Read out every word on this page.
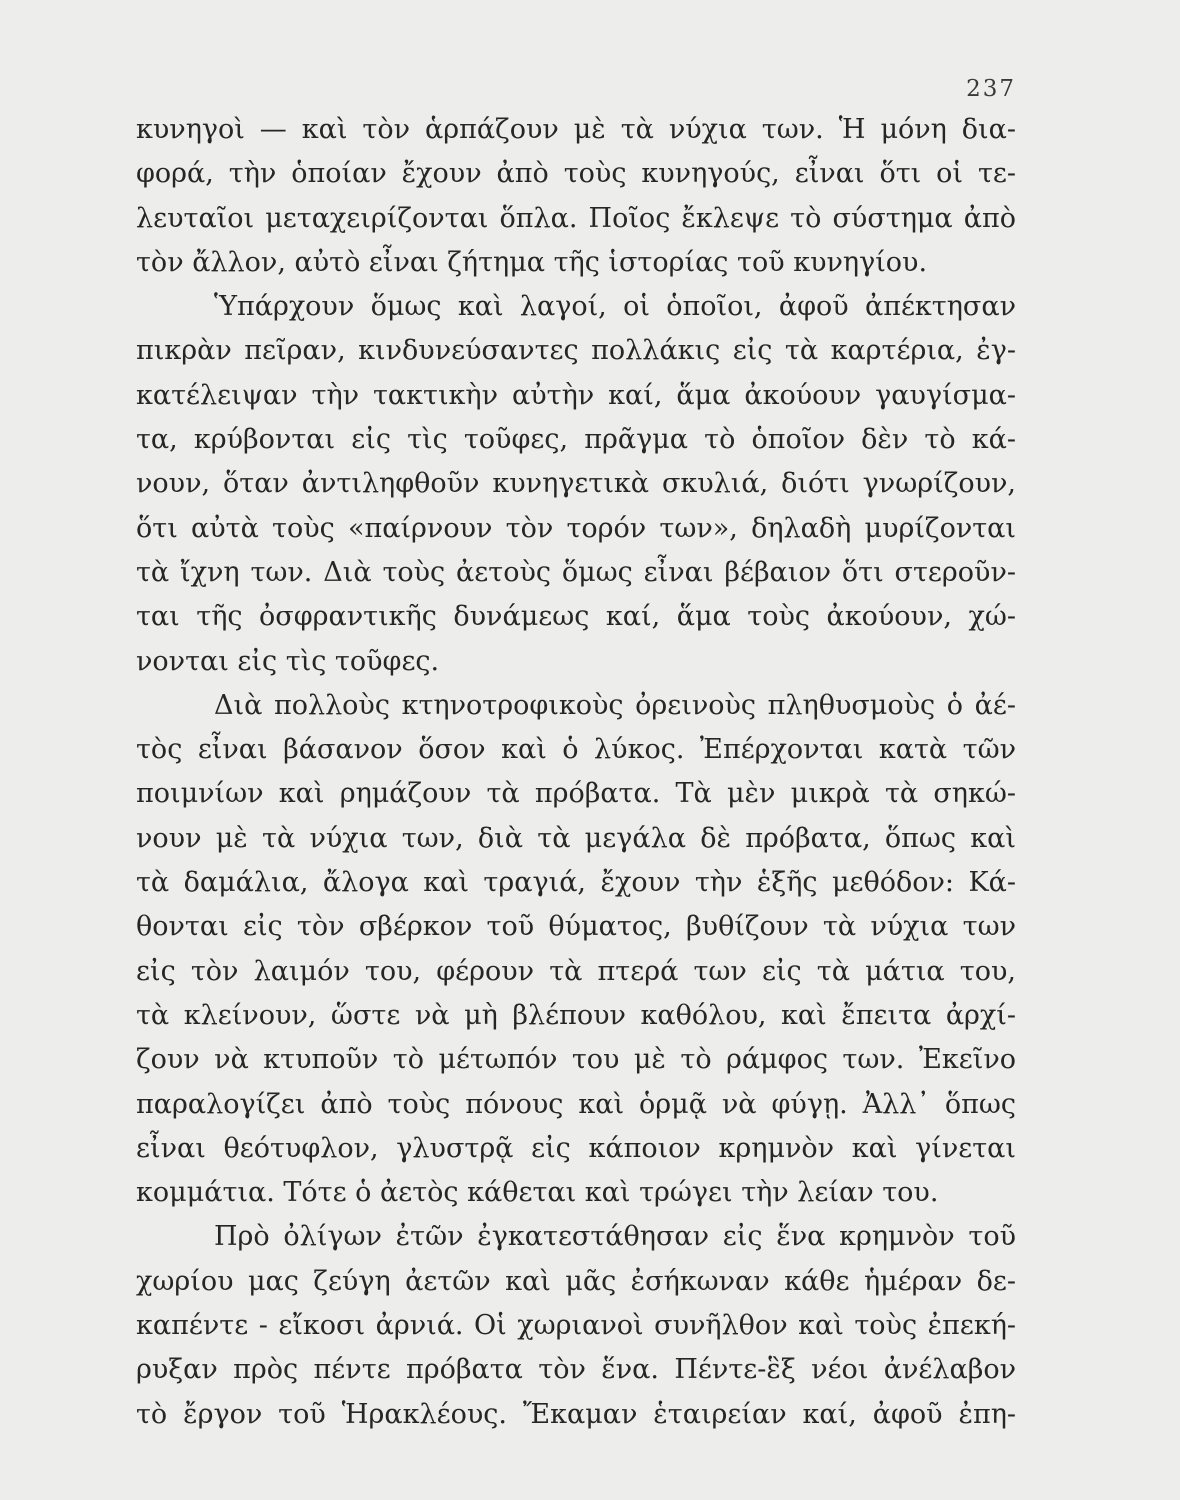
237
κυνηγοὶ — καὶ τὸν ἁρπάζουν μὲ τὰ νύχια των. Ἡ μόνη δια-
φορά, τὴν ὁποίαν ἔχουν ἀπὸ τοὺς κυνηγούς, εἶναι ὅτι οἱ τε-
λευταῖοι μεταχειρίζονται ὅπλα. Ποῖος ἔκλεψε τὸ σύστημα ἀπὸ
τὸν ἄλλον, αὐτὸ εἶναι ζήτημα τῆς ἱστορίας τοῦ κυνηγίου.
Ὑπάρχουν ὅμως καὶ λαγοί, οἱ ὁποῖοι, ἀφοῦ ἀπέκτησαν
πικρὰν πεῖραν, κινδυνεύσαντες πολλάκις εἰς τὰ καρτέρια, ἐγ-
κατέλειψαν τὴν τακτικὴν αὐτὴν καί, ἅμα ἀκούουν γαυγίσμα-
τα, κρύβονται εἰς τὶς τοῦφες, πρᾶγμα τὸ ὁποῖον δὲν τὸ κά-
νουν, ὅταν ἀντιληφθοῦν κυνηγετικὰ σκυλιά, διότι γνωρίζουν,
ὅτι αὐτὰ τοὺς «παίρνουν τὸν τορόν των», δηλαδὴ μυρίζονται
τὰ ἴχνη των. Διὰ τοὺς ἀετοὺς ὅμως εἶναι βέβαιον ὅτι στεροῦν-
ται τῆς ὀσφραντικῆς δυνάμεως καί, ἅμα τοὺς ἀκούουν, χώ-
νονται εἰς τὶς τοῦφες.
Διὰ πολλοὺς κτηνοτροφικοὺς ὀρεινοὺς πληθυσμοὺς ὁ ἀέ-
τὸς εἶναι βάσανον ὅσον καὶ ὁ λύκος. Ἐπέρχονται κατὰ τῶν
ποιμνίων καὶ ρημάζουν τὰ πρόβατα. Τὰ μὲν μικρὰ τὰ σηκώ-
νουν μὲ τὰ νύχια των, διὰ τὰ μεγάλα δὲ πρόβατα, ὅπως καὶ
τὰ δαμάλια, ἄλογα καὶ τραγιά, ἔχουν τὴν ἑξῆς μεθόδον: Κά-
θονται εἰς τὸν σβέρκον τοῦ θύματος, βυθίζουν τὰ νύχια των
εἰς τὸν λαιμόν του, φέρουν τὰ πτερά των εἰς τὰ μάτια του,
τὰ κλείνουν, ὥστε νὰ μὴ βλέπουν καθόλου, καὶ ἔπειτα ἀρχί-
ζουν νὰ κτυποῦν τὸ μέτωπόν του μὲ τὸ ράμφος των. Ἐκεῖνο
παραλογίζει ἀπὸ τοὺς πόνους καὶ ὁρμᾷ νὰ φύγῃ. Ἀλλ᾽ ὅπως
εἶναι θεότυφλον, γλυστρᾷ εἰς κάποιον κρημνὸν καὶ γίνεται
κομμάτια. Τότε ὁ ἀετὸς κάθεται καὶ τρώγει τὴν λείαν του.
Πρὸ ὀλίγων ἐτῶν ἐγκατεστάθησαν εἰς ἕνα κρημνὸν τοῦ
χωρίου μας ζεύγη ἀετῶν καὶ μᾶς ἐσήκωναν κάθε ἡμέραν δε-
καπέντε - εἴκοσι ἀρνιά. Οἱ χωριανοὶ συνῆλθον καὶ τοὺς ἐπεκή-
ρυξαν πρὸς πέντε πρόβατα τὸν ἕνα. Πέντε-ἓξ νέοι ἀνέλαβον
τὸ ἔργον τοῦ Ἡρακλέους. Ἔκαμαν ἑταιρείαν καί, ἀφοῦ ἐπη-
